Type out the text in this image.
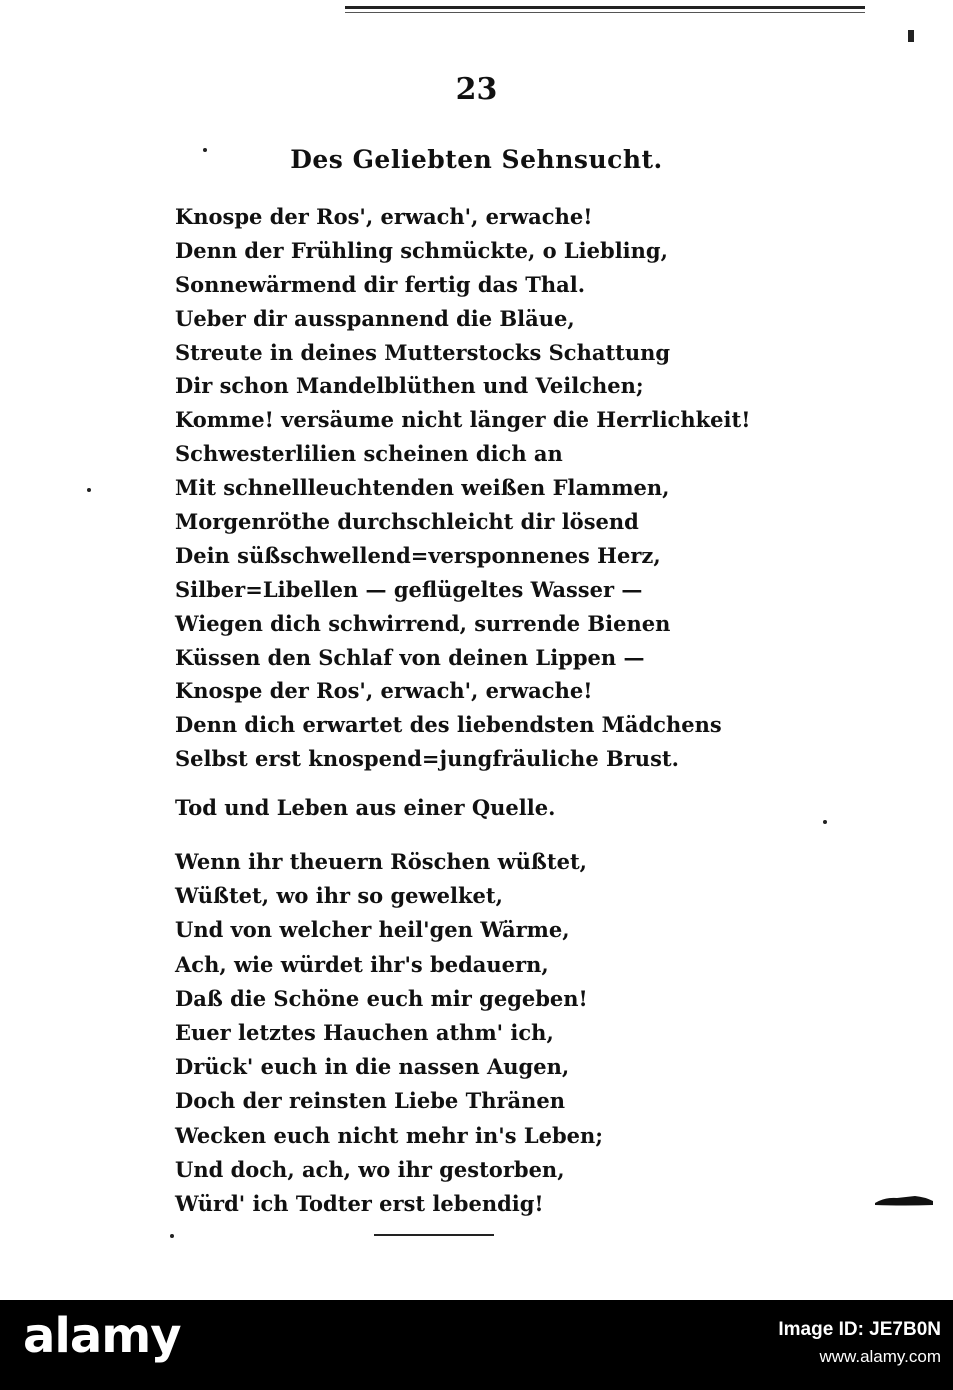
23
Des Geliebten Sehnsucht.
Knospe der Ros', erwach', erwache!
Denn der Frühling schmückte, o Liebling,
Sonnewärmend dir fertig das Thal.
Ueber dir ausspannend die Bläue,
Streute in deines Mutterstocks Schattung
Dir schon Mandelblüthen und Veilchen;
Komme! versäume nicht länger die Herrlichkeit!
Schwesterlilien scheinen dich an
Mit schnellleuchtenden weißen Flammen,
Morgenröthe durchschleicht dir lösend
Dein süßschwellend=versponnenes Herz,
Silber=Libellen — geflügeltes Wasser —
Wiegen dich schwirrend, surrende Bienen
Küssen den Schlaf von deinen Lippen —
Knospe der Ros', erwach', erwache!
Denn dich erwartet des liebendsten Mädchens
Selbst erst knospend=jungfräuliche Brust.
Tod und Leben aus einer Quelle.
Wenn ihr theuern Röschen wüßtet,
Wüßtet, wo ihr so gewelket,
Und von welcher heil'gen Wärme,
Ach, wie würdet ihr's bedauern,
Daß die Schöne euch mir gegeben!
Euer letztes Hauchen athm' ich,
Drück' euch in die nassen Augen,
Doch der reinsten Liebe Thränen
Wecken euch nicht mehr in's Leben;
Und doch, ach, wo ihr gestorben,
Würd' ich Todter erst lebendig!
alamy	Image ID: JE7B0N
www.alamy.com
